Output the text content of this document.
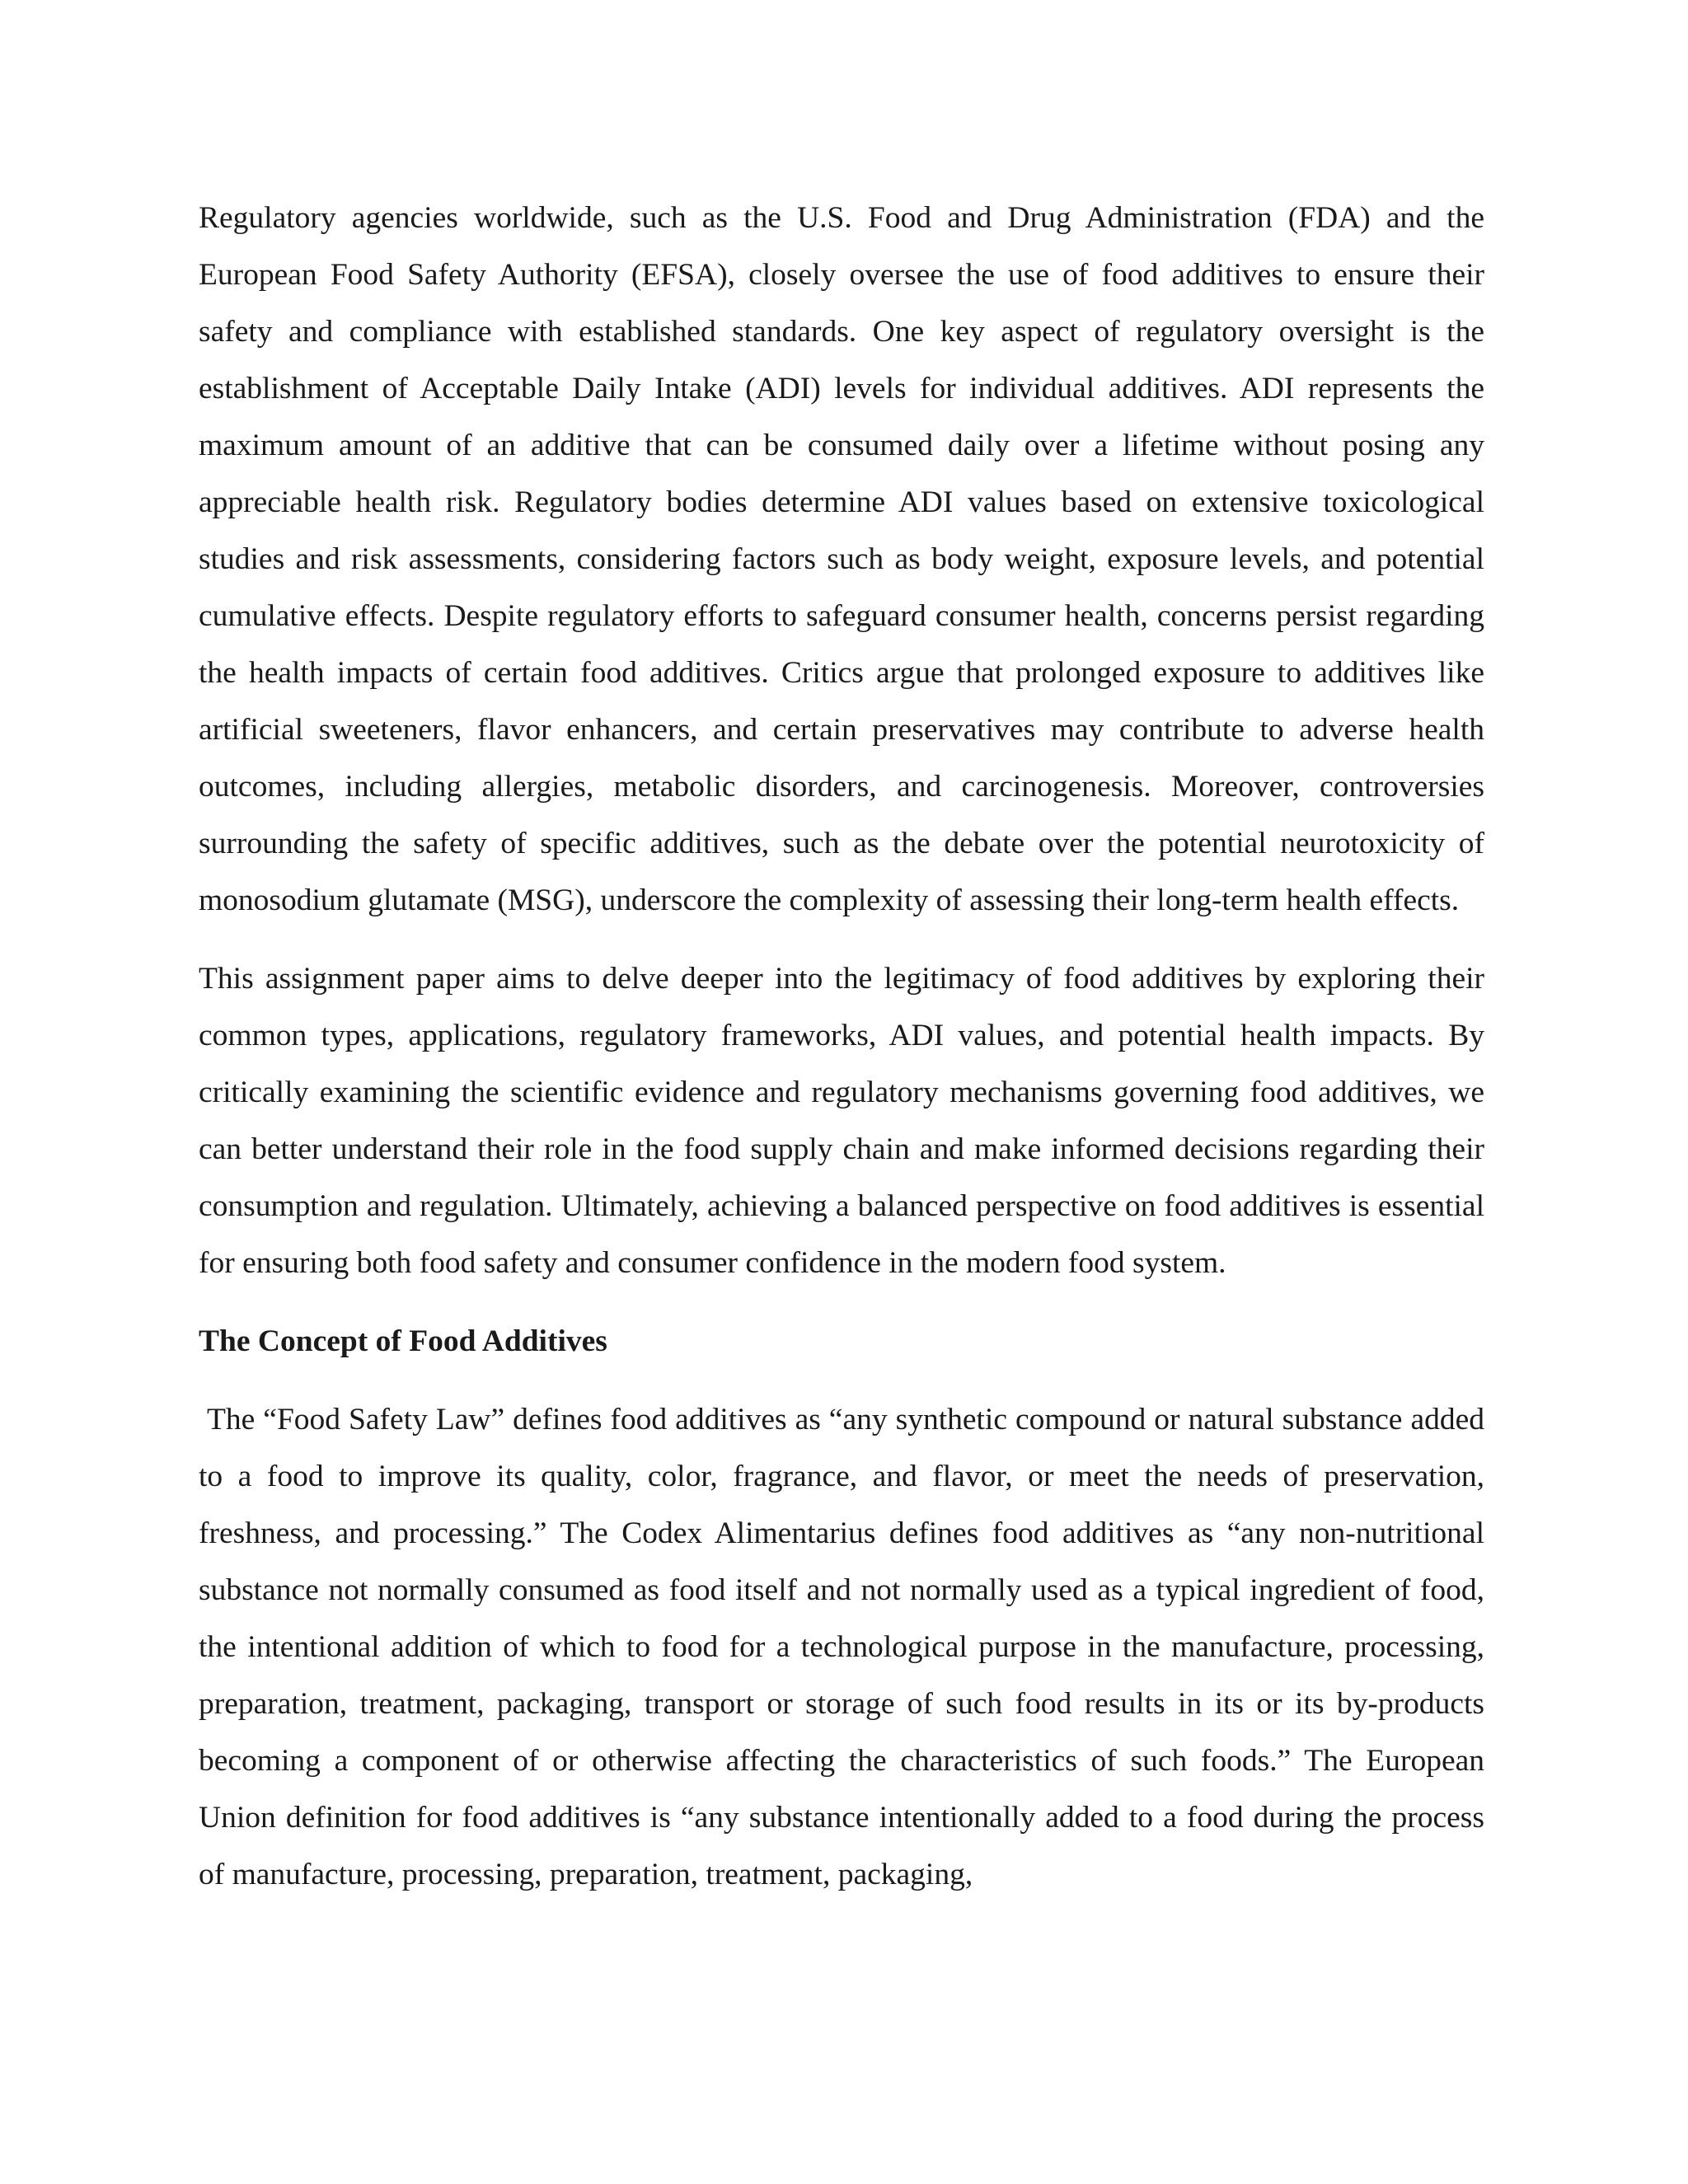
Regulatory agencies worldwide, such as the U.S. Food and Drug Administration (FDA) and the European Food Safety Authority (EFSA), closely oversee the use of food additives to ensure their safety and compliance with established standards. One key aspect of regulatory oversight is the establishment of Acceptable Daily Intake (ADI) levels for individual additives. ADI represents the maximum amount of an additive that can be consumed daily over a lifetime without posing any appreciable health risk. Regulatory bodies determine ADI values based on extensive toxicological studies and risk assessments, considering factors such as body weight, exposure levels, and potential cumulative effects. Despite regulatory efforts to safeguard consumer health, concerns persist regarding the health impacts of certain food additives. Critics argue that prolonged exposure to additives like artificial sweeteners, flavor enhancers, and certain preservatives may contribute to adverse health outcomes, including allergies, metabolic disorders, and carcinogenesis. Moreover, controversies surrounding the safety of specific additives, such as the debate over the potential neurotoxicity of monosodium glutamate (MSG), underscore the complexity of assessing their long-term health effects.

This assignment paper aims to delve deeper into the legitimacy of food additives by exploring their common types, applications, regulatory frameworks, ADI values, and potential health impacts. By critically examining the scientific evidence and regulatory mechanisms governing food additives, we can better understand their role in the food supply chain and make informed decisions regarding their consumption and regulation. Ultimately, achieving a balanced perspective on food additives is essential for ensuring both food safety and consumer confidence in the modern food system.

The Concept of Food Additives

The “Food Safety Law” defines food additives as “any synthetic compound or natural substance added to a food to improve its quality, color, fragrance, and flavor, or meet the needs of preservation, freshness, and processing.” The Codex Alimentarius defines food additives as “any non-nutritional substance not normally consumed as food itself and not normally used as a typical ingredient of food, the intentional addition of which to food for a technological purpose in the manufacture, processing, preparation, treatment, packaging, transport or storage of such food results in its or its by-products becoming a component of or otherwise affecting the characteristics of such foods.” The European Union definition for food additives is “any substance intentionally added to a food during the process of manufacture, processing, preparation, treatment, packaging,
